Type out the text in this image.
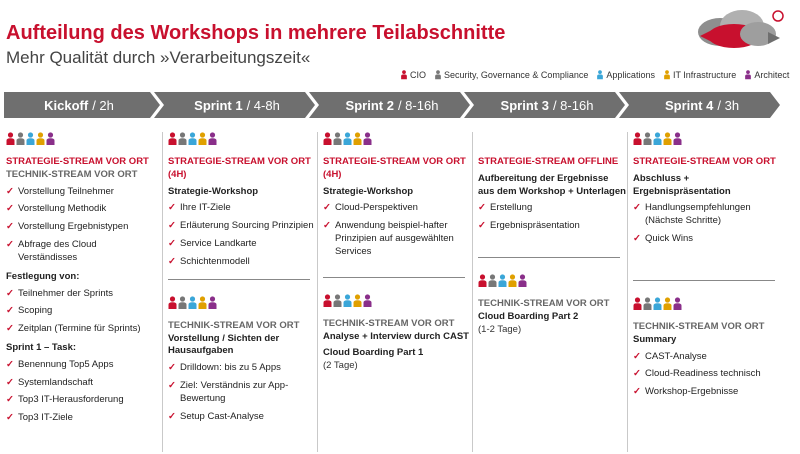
Aufteilung des Workshops in mehrere Teilabschnitte
Mehr Qualität durch »Verarbeitungszeit«
CIO Security, Governance & Compliance Applications IT Infrastructure Architect
Kickoff / 2h	Sprint 1 / 4-8h	Sprint 2 / 8-16h	Sprint 3 / 8-16h	Sprint 4 / 3h
STRATEGIE-STREAM VOR ORT
TECHNIK-STREAM VOR ORT
✓ Vorstellung Teilnehmer
✓ Vorstellung Methodik
✓ Vorstellung Ergebnistypen
✓ Abfrage des Cloud Verständisses
Festlegung von:
✓ Teilnehmer der Sprints
✓ Scoping
✓ Zeitplan (Termine für Sprints)
Sprint 1 – Task:
✓ Benennung Top5 Apps
✓ Systemlandschaft
✓ Top3 IT-Herausforderung
✓ Top3 IT-Ziele
STRATEGIE-STREAM VOR ORT (4H)
Strategie-Workshop
✓ Ihre IT-Ziele
✓ Erläuterung Sourcing Prinzipien
✓ Service Landkarte
✓ Schichtenmodell
TECHNIK-STREAM VOR ORT
Vorstellung / Sichten der Hausaufgaben
✓ Drilldown: bis zu 5 Apps
✓ Ziel: Verständnis zur App-Bewertung
✓ Setup Cast-Analyse
STRATEGIE-STREAM VOR ORT (4H)
Strategie-Workshop
✓ Cloud-Perspektiven
✓ Anwendung beispiel-hafter Prinzipien auf ausgewählten Services
TECHNIK-STREAM VOR ORT
Analyse + Interview durch CAST
Cloud Boarding Part 1
(2 Tage)
STRATEGIE-STREAM OFFLINE
Aufbereitung der Ergebnisse aus dem Workshop + Unterlagen
✓ Erstellung
✓ Ergebnispräsentation
TECHNIK-STREAM VOR ORT
Cloud Boarding Part 2
(1-2 Tage)
STRATEGIE-STREAM VOR ORT
Abschluss + Ergebnispräsentation
✓ Handlungsempfehlungen (Nächste Schritte)
✓ Quick Wins
TECHNIK-STREAM VOR ORT
Summary
✓ CAST-Analyse
✓ Cloud-Readiness technisch
✓ Workshop-Ergebnisse
